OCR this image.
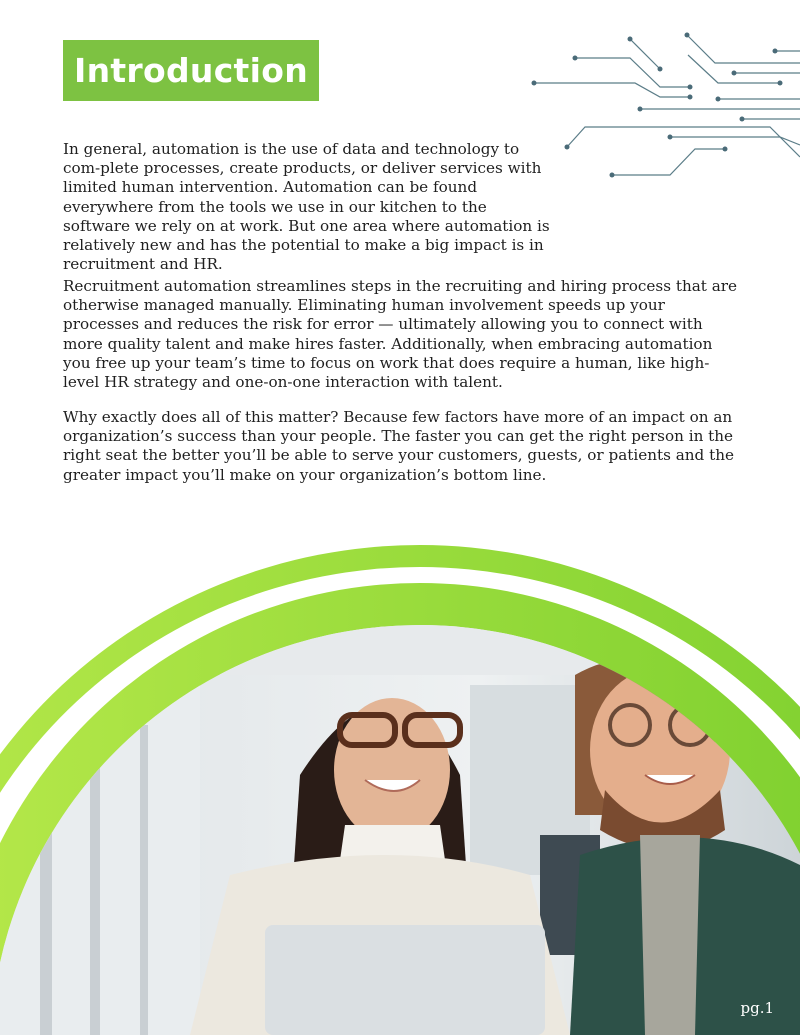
Introduction

In general, automation is the use of data and technology to com-plete processes, create products, or deliver services with limited human intervention. Automation can be found everywhere from the tools we use in our kitchen to the software we rely on at work. But one area where automation is relatively new and has the potential to make a big impact is in recruitment and HR.

Recruitment automation streamlines steps in the recruiting and hiring process that are otherwise managed manually. Eliminating human involvement speeds up your processes and reduces the risk for error — ultimately allowing you to connect with more quality talent and make hires faster. Additionally, when embracing automation you free up your team’s time to focus on work that does require a human, like high-level HR strategy and one-on-one interaction with talent.

Why exactly does all of this matter? Because few factors have more of an impact on an organization’s success than your people. The faster you can get the right person in the right seat the better you’ll be able to serve your customers, guests, or patients and the greater impact you’ll make on your organization’s bottom line.

pg.1
